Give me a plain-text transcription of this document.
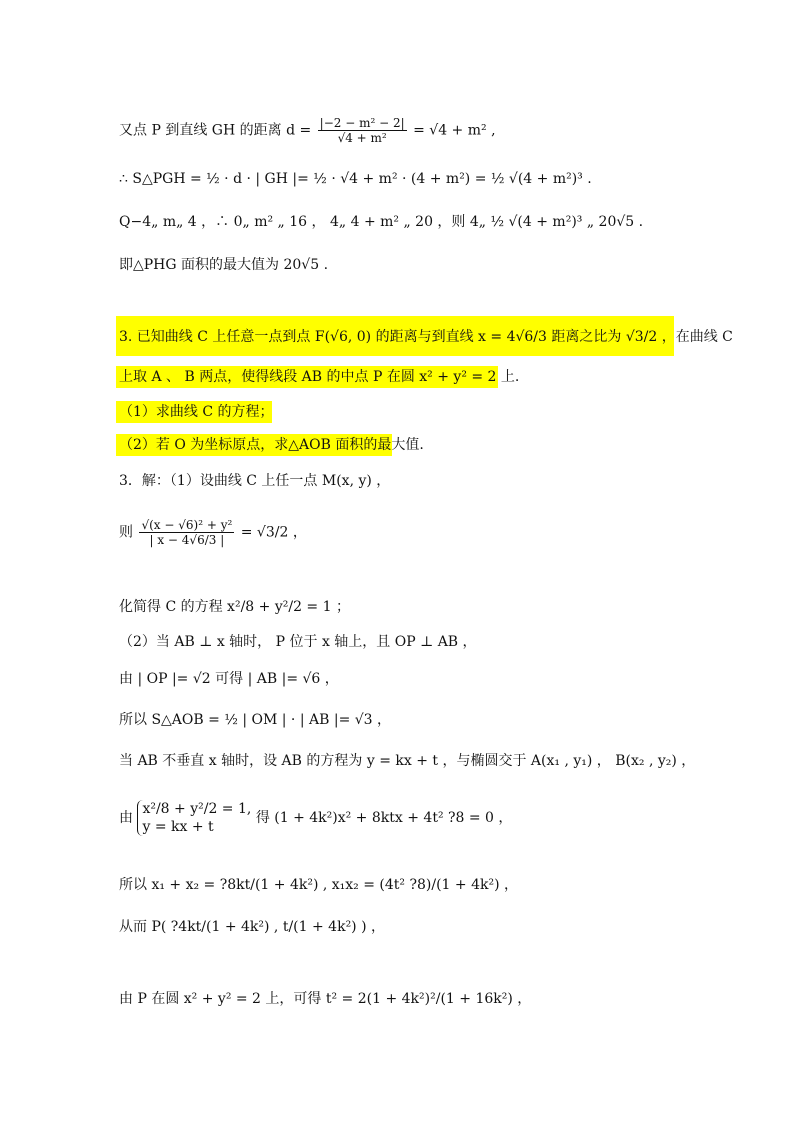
又点 P 到直线 GH 的距离 $d = \frac{\text{|−2 − m² − 2|}}{\text{√4 + m²}} = √4 + m^2$ ,
∴ S△PGH = ½ · d · | GH |= ½ · √4 + m² · (4 + m²) = ½ √(4 + m²)³ .
Q−4„ m„ 4 ，∴ 0„ m² „ 16 ， 4„ 4 + m² „ 20 ，则 4„ ½ √(4 + m²)³ „ 20√5 .
即△PHG 面积的最大值为 20√5 .
3. 已知曲线 C 上任意一点到点 F(√6, 0) 的距离与到直线 x = 4√6/3 距离之比为 √3/2 ，在曲线 C
上取 A 、 B 两点，使得线段 AB 的中点 P 在圆 x² + y² = 2 上.
（1）求曲线 C 的方程；
（2）若 O 为坐标原点，求△AOB 面积的最大值.
3．解：（1）设曲线 C 上任一点 M(x, y) ，
则 $\frac{\text{√(x − √6)² + y²}}{| x - 4√6/3 |} = √3/2$ ，
化简得 C 的方程 x²/8 + y²/2 = 1 ；
（2）当 AB ⊥ x 轴时， P 位于 x 轴上，且 OP ⊥ AB ，
由 | OP |= √2 可得 | AB |= √6 ，
所以 S△AOB = ½ | OM | · | AB |= √3 ，
当 AB 不垂直 x 轴时，设 AB 的方程为 y = kx + t ，与椭圆交于 A(x₁ , y₁) ， B(x₂ , y₂) ，
由
x²/8 + y²/2 = 1,
y = kx + t
得 (1 + 4k²)x² + 8ktx + 4t² ?8 = 0 ，
所以 x₁ + x₂ = ?8kt/(1 + 4k²) , x₁x₂ = (4t² ?8)/(1 + 4k²) ，
从而 P( ?4kt/(1 + 4k²) , t/(1 + 4k²) ) ，
由 P 在圆 x² + y² = 2 上，可得 t² = 2(1 + 4k²)²/(1 + 16k²) ，
